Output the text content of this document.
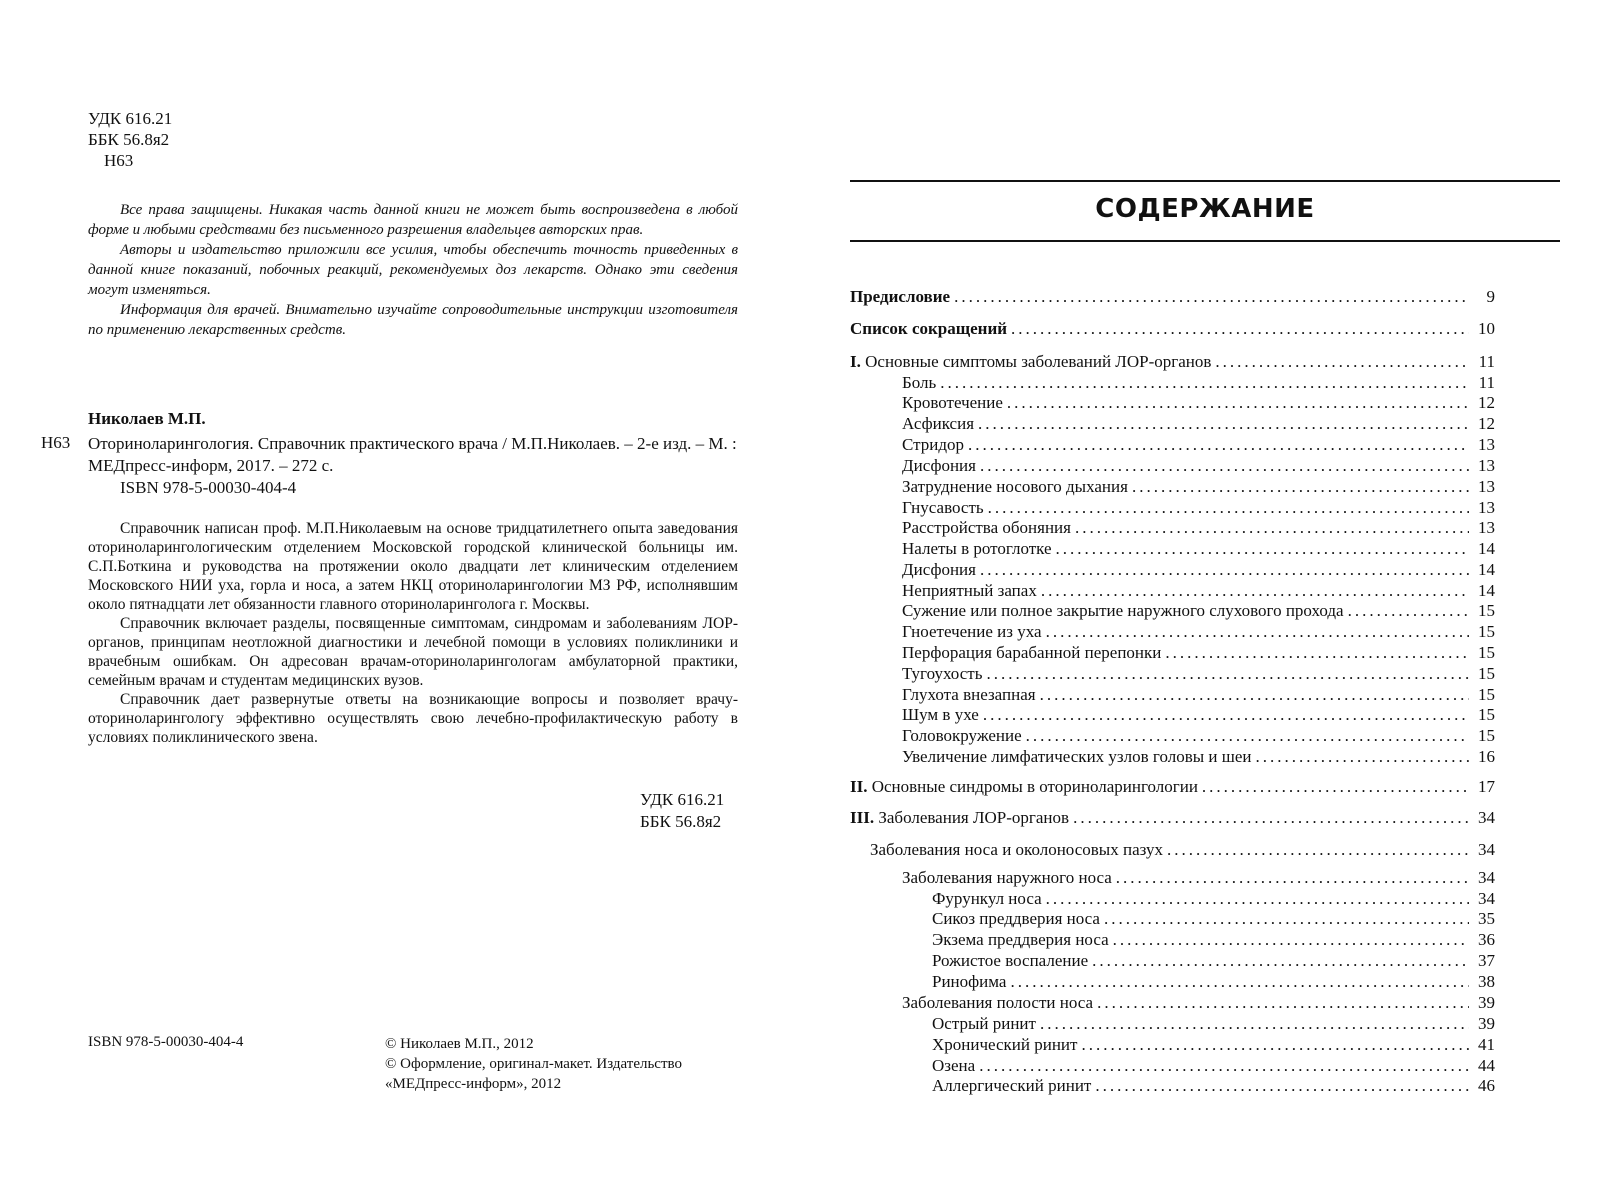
УДК 616.21
ББК 56.8я2
Н63

Все права защищены. Никакая часть данной книги не может быть воспроизведена в любой форме и любыми средствами без письменного разрешения владельцев авторских прав.

Авторы и издательство приложили все усилия, чтобы обеспечить точность приведенных в данной книге показаний, побочных реакций, рекомендуемых доз лекарств. Однако эти сведения могут изменяться.

Информация для врачей. Внимательно изучайте сопроводительные инструкции изготовителя по применению лекарственных средств.

Николаев М.П.
Н63 Оториноларингология. Справочник практического врача / М.П.Николаев. – 2-е изд. – М. : МЕДпресс-информ, 2017. – 272 с.
ISBN 978-5-00030-404-4

Справочник написан проф. М.П.Николаевым на основе тридцатилетнего опыта заведования оториноларингологическим отделением Московской городской клинической больницы им. С.П.Боткина и руководства на протяжении около двадцати лет клиническим отделением Московского НИИ уха, горла и носа, а затем НКЦ оториноларингологии МЗ РФ, исполнявшим около пятнадцати лет обязанности главного оториноларинголога г. Москвы.

Справочник включает разделы, посвященные симптомам, синдромам и заболеваниям ЛОР-органов, принципам неотложной диагностики и лечебной помощи в условиях поликлиники и врачебным ошибкам. Он адресован врачам-оториноларингологам амбулаторной практики, семейным врачам и студентам медицинских вузов.

Справочник дает развернутые ответы на возникающие вопросы и позволяет врачу-оториноларингологу эффективно осуществлять свою лечебно-профилактическую работу в условиях поликлинического звена.

УДК 616.21
ББК 56.8я2
ISBN 978-5-00030-404-4	© Николаев М.П., 2012
© Оформление, оригинал-макет. Издательство «МЕДпресс-информ», 2012
СОДЕРЖАНИЕ
Предисловие .....	9
Список сокращений .....	10
I. Основные симптомы заболеваний ЛОР-органов .....	11
Боль .....	11
Кровотечение .....	12
Асфиксия .....	12
Стридор .....	13
Дисфония .....	13
Затруднение носового дыхания .....	13
Гнусавость .....	13
Расстройства обоняния .....	13
Налеты в ротоглотке .....	14
Дисфония .....	14
Неприятный запах .....	14
Сужение или полное закрытие наружного слухового прохода .....	15
Гноетечение из уха .....	15
Перфорация барабанной перепонки .....	15
Тугоухость .....	15
Глухота внезапная .....	15
Шум в ухе .....	15
Головокружение .....	15
Увеличение лимфатических узлов головы и шеи .....	16
II. Основные синдромы в оториноларингологии .....	17
III. Заболевания ЛОР-органов .....	34
Заболевания носа и околоносовых пазух .....	34
Заболевания наружного носа .....	34
Фурункул носа .....	34
Сикоз преддверия носа .....	35
Экзема преддверия носа .....	36
Рожистое воспаление .....	37
Ринофима .....	38
Заболевания полости носа .....	39
Острый ринит .....	39
Хронический ринит .....	41
Озена .....	44
Аллергический ринит .....	46
